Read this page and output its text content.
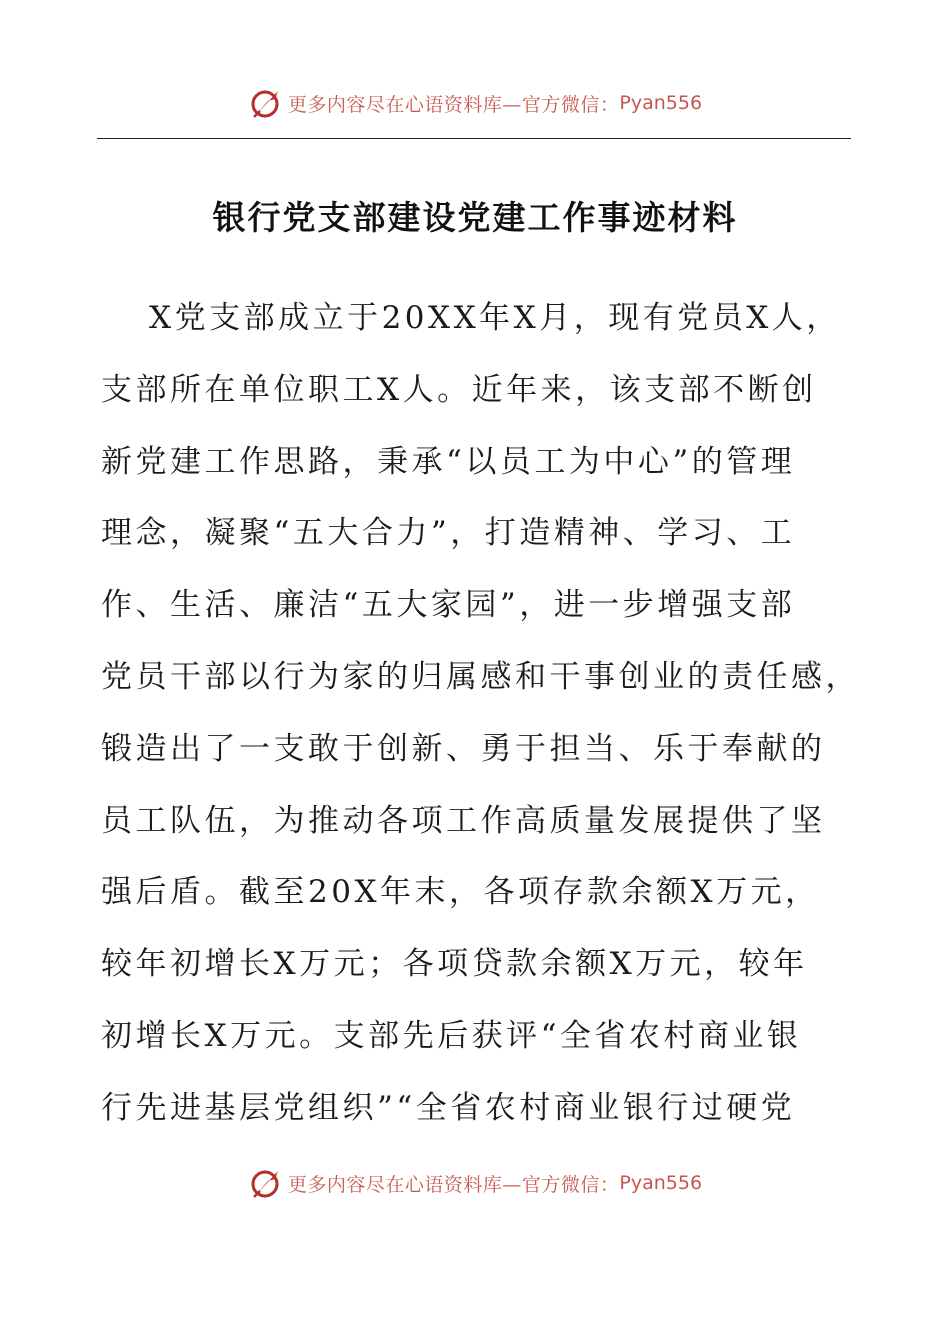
更多内容尽在心语资料库—官方微信： Pyan556
银行党支部建设党建工作事迹材料
X党支部成立于20XX年X月，现有党员X人，
支部所在单位职工X人。近年来，该支部不断创
新党建工作思路，秉承“以员工为中心”的管理
理念，凝聚“五大合力”，打造精神、学习、工
作、生活、廉洁“五大家园”，进一步增强支部
党员干部以行为家的归属感和干事创业的责任感，
锻造出了一支敢于创新、勇于担当、乐于奉献的
员工队伍，为推动各项工作高质量发展提供了坚
强后盾。截至20X年末，各项存款余额X万元，
较年初增长X万元；各项贷款余额X万元，较年
初增长X万元。支部先后获评“全省农村商业银
行先进基层党组织”“全省农村商业银行过硬党
更多内容尽在心语资料库—官方微信： Pyan556
